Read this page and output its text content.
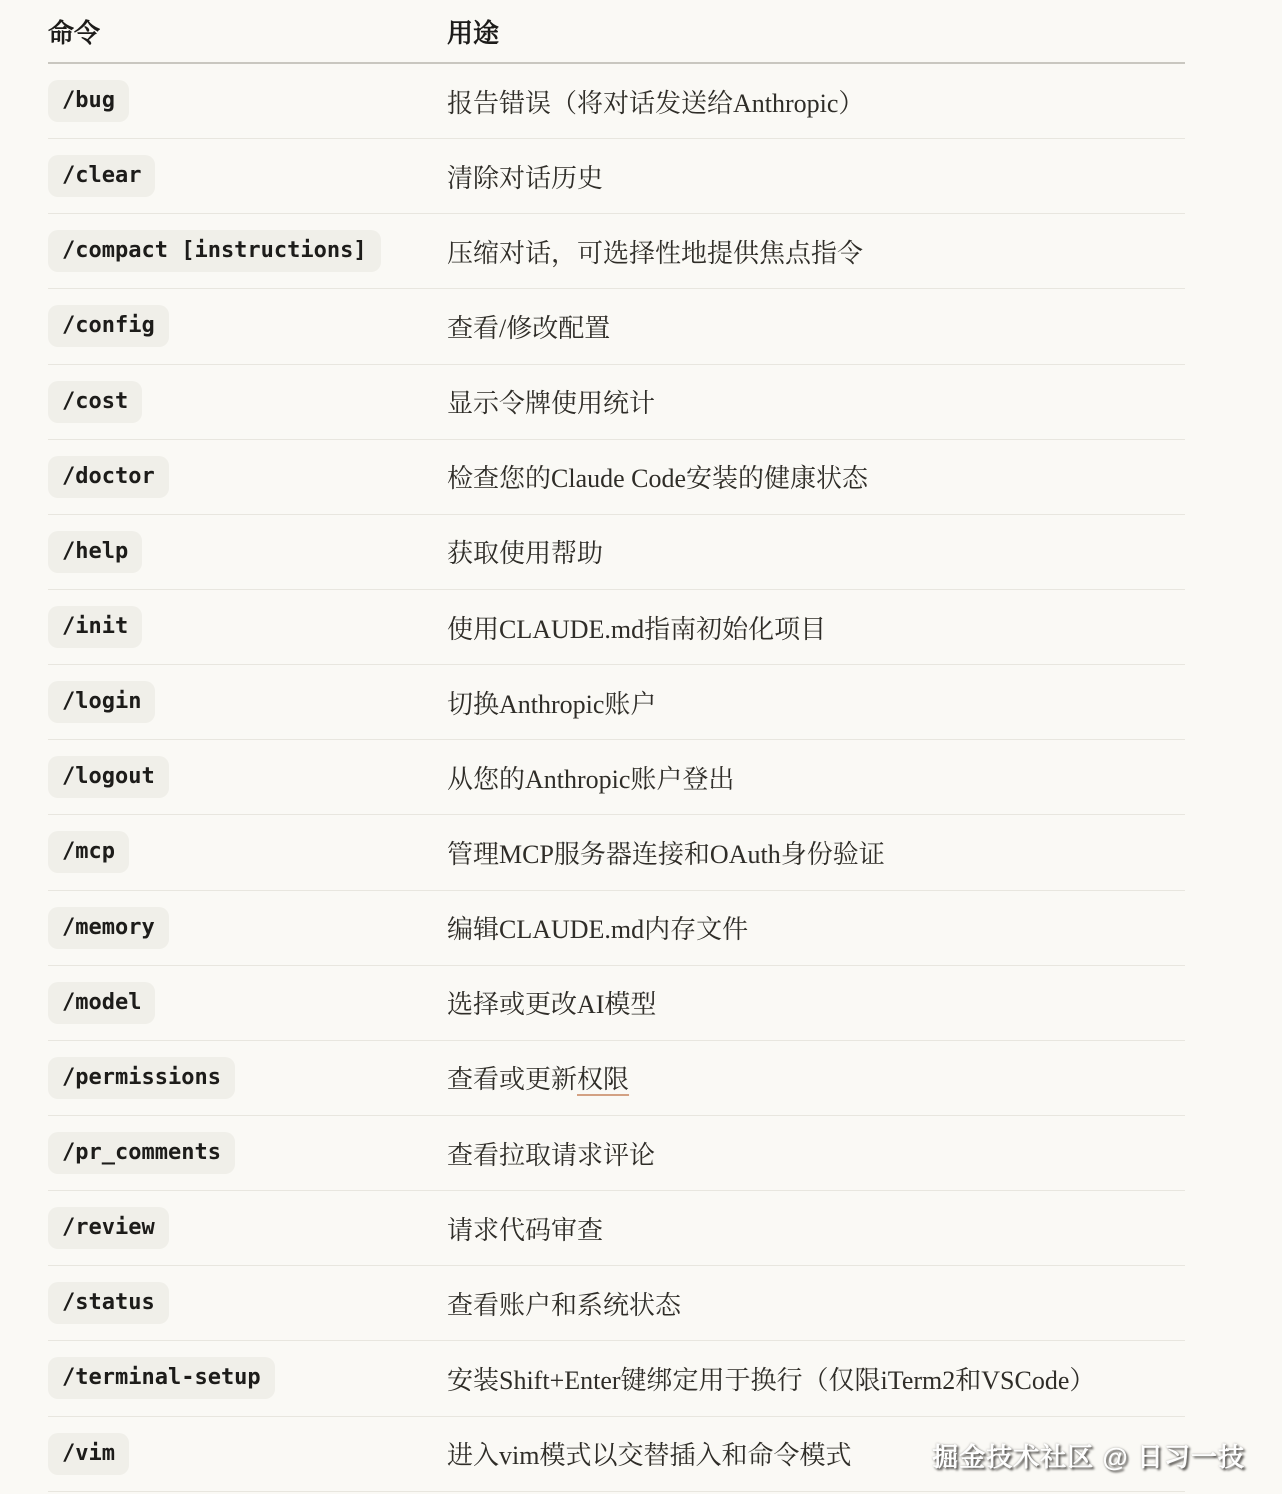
命令	用途
/bug	报告错误（将对话发送给Anthropic）
/clear	清除对话历史
/compact [instructions]	压缩对话，可选择性地提供焦点指令
/config	查看/修改配置
/cost	显示令牌使用统计
/doctor	检查您的Claude Code安装的健康状态
/help	获取使用帮助
/init	使用CLAUDE.md指南初始化项目
/login	切换Anthropic账户
/logout	从您的Anthropic账户登出
/mcp	管理MCP服务器连接和OAuth身份验证
/memory	编辑CLAUDE.md内存文件
/model	选择或更改AI模型
/permissions	查看或更新权限
/pr_comments	查看拉取请求评论
/review	请求代码审查
/status	查看账户和系统状态
/terminal-setup	安装Shift+Enter键绑定用于换行（仅限iTerm2和VSCode）
/vim	进入vim模式以交替插入和命令模式	掘金技术社区 @ 日习一技
